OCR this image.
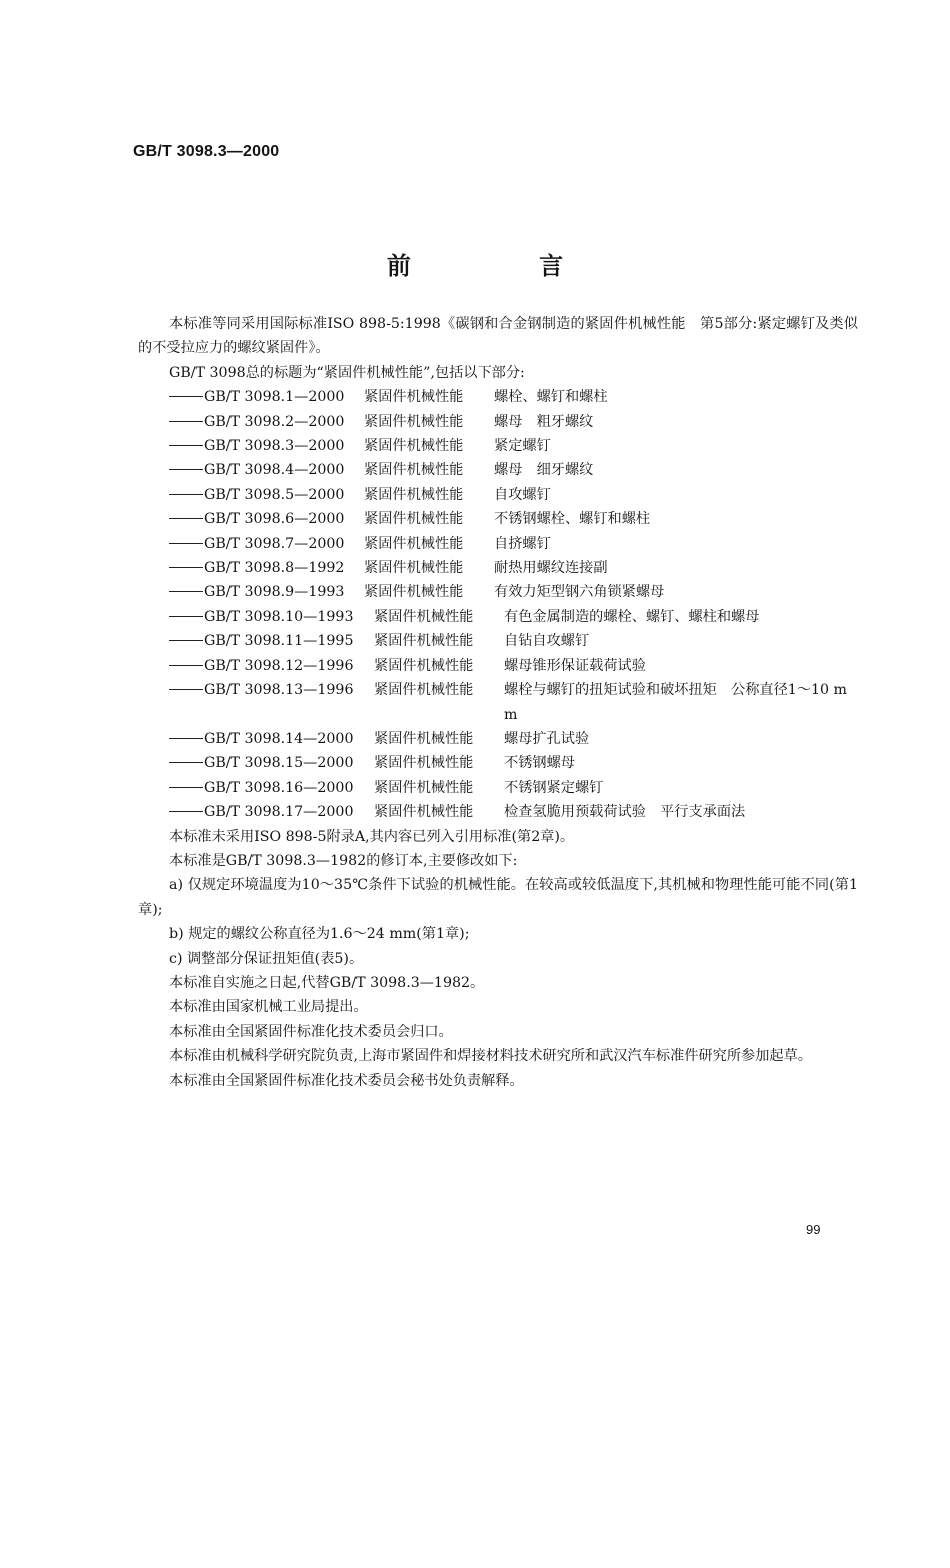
GB/T 3098.3—2000
前 言

本标准等同采用国际标准ISO 898-5:1998《碳钢和合金钢制造的紧固件机械性能　第5部分:紧定螺钉及类似的不受拉应力的螺纹紧固件》。

GB/T 3098总的标题为“紧固件机械性能”,包括以下部分:

GB/T 3098.1—2000	紧固件机械性能	螺栓、螺钉和螺柱
GB/T 3098.2—2000	紧固件机械性能	螺母　粗牙螺纹
GB/T 3098.3—2000	紧固件机械性能	紧定螺钉
GB/T 3098.4—2000	紧固件机械性能	螺母　细牙螺纹
GB/T 3098.5—2000	紧固件机械性能	自攻螺钉
GB/T 3098.6—2000	紧固件机械性能	不锈钢螺栓、螺钉和螺柱
GB/T 3098.7—2000	紧固件机械性能	自挤螺钉
GB/T 3098.8—1992	紧固件机械性能	耐热用螺纹连接副
GB/T 3098.9—1993	紧固件机械性能	有效力矩型钢六角锁紧螺母
GB/T 3098.10—1993	紧固件机械性能	有色金属制造的螺栓、螺钉、螺柱和螺母
GB/T 3098.11—1995	紧固件机械性能	自钻自攻螺钉
GB/T 3098.12—1996	紧固件机械性能	螺母锥形保证载荷试验
GB/T 3098.13—1996	紧固件机械性能	螺栓与螺钉的扭矩试验和破坏扭矩　公称直径1～10 mm
GB/T 3098.14—2000	紧固件机械性能	螺母扩孔试验
GB/T 3098.15—2000	紧固件机械性能	不锈钢螺母
GB/T 3098.16—2000	紧固件机械性能	不锈钢紧定螺钉
GB/T 3098.17—2000	紧固件机械性能	检查氢脆用预载荷试验　平行支承面法

本标准未采用ISO 898-5附录A,其内容已列入引用标准(第2章)。

本标准是GB/T 3098.3—1982的修订本,主要修改如下:

a) 仅规定环境温度为10～35℃条件下试验的机械性能。在较高或较低温度下,其机械和物理性能可能不同(第1章);

b) 规定的螺纹公称直径为1.6～24 mm(第1章);

c) 调整部分保证扭矩值(表5)。

本标准自实施之日起,代替GB/T 3098.3—1982。

本标准由国家机械工业局提出。

本标准由全国紧固件标准化技术委员会归口。

本标准由机械科学研究院负责,上海市紧固件和焊接材料技术研究所和武汉汽车标准件研究所参加起草。

本标准由全国紧固件标准化技术委员会秘书处负责解释。

99
